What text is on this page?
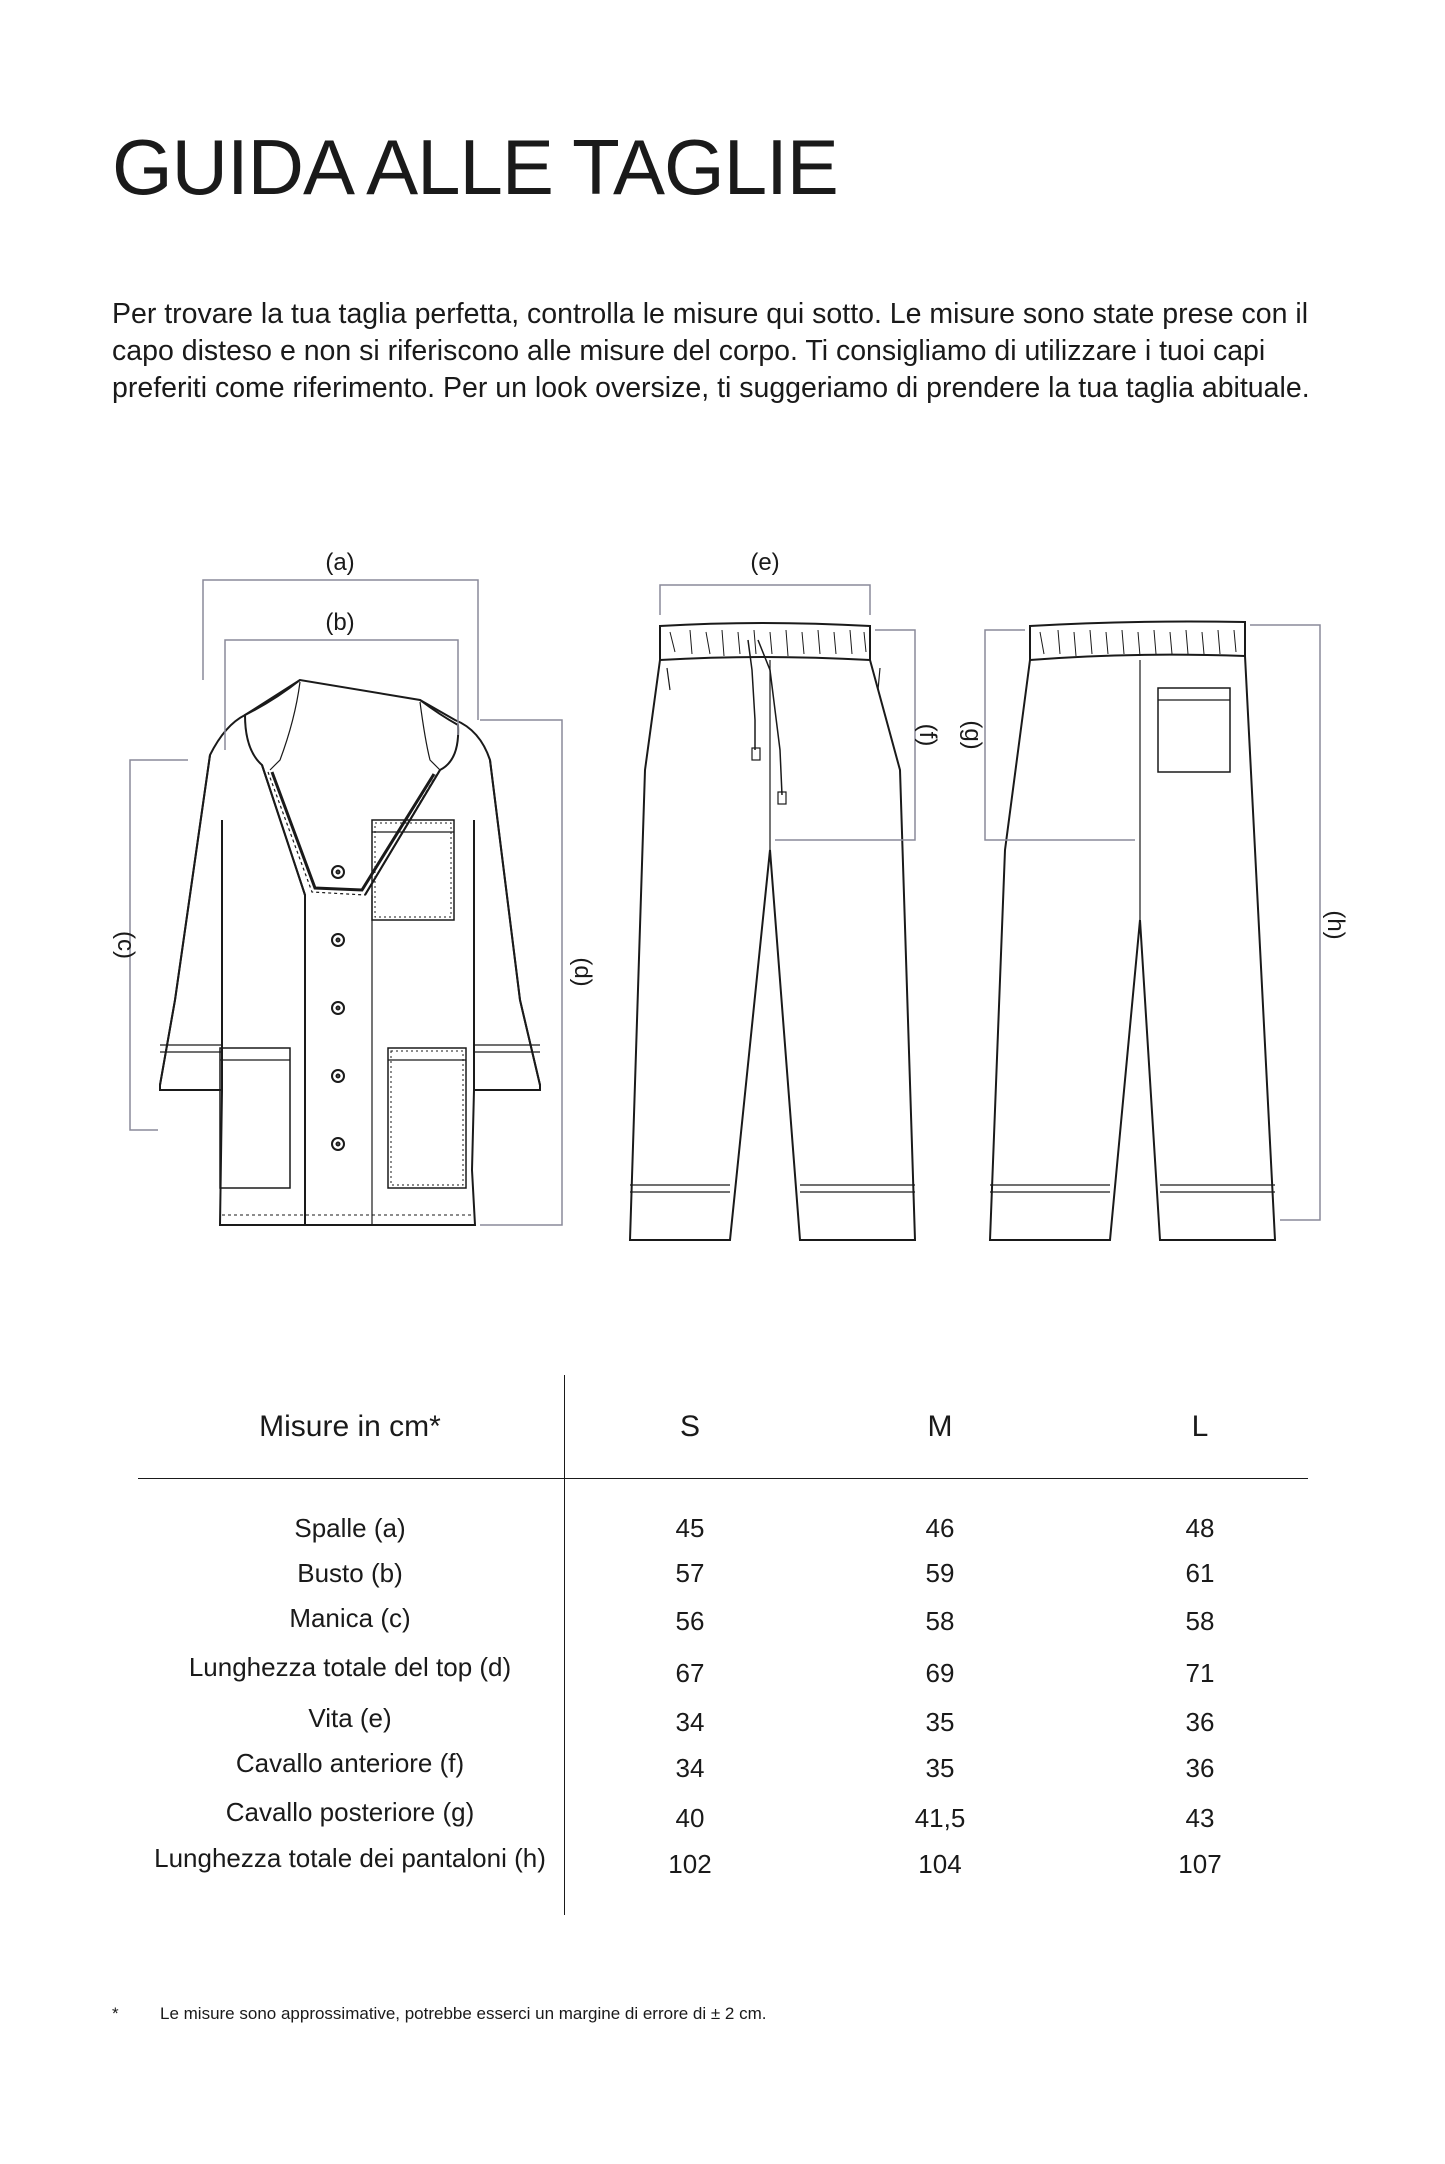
GUIDA ALLE TAGLIE

Per trovare la tua taglia perfetta, controlla le misure qui sotto. Le misure sono state prese con il capo disteso e non si riferiscono alle misure del corpo. Ti consigliamo di utilizzare i tuoi capi preferiti come riferimento. Per un look oversize, ti suggeriamo di prendere la tua taglia abituale.

(a)
(b)
(c)
(d)
(e)
(f) (g)
(h)
Misure in cm*	S	M	L
Spalle (a)	45	46	48
Busto (b)	57	59	61
Manica (c)	56	58	58
Lunghezza totale del top (d)	67	69	71
Vita (e)	34	35	36
Cavallo anteriore (f)	34	35	36
Cavallo posteriore (g)	40	41,5	43
Lunghezza totale dei pantaloni (h)	102	104	107
* Le misure sono approssimative, potrebbe esserci un margine di errore di ± 2 cm.
